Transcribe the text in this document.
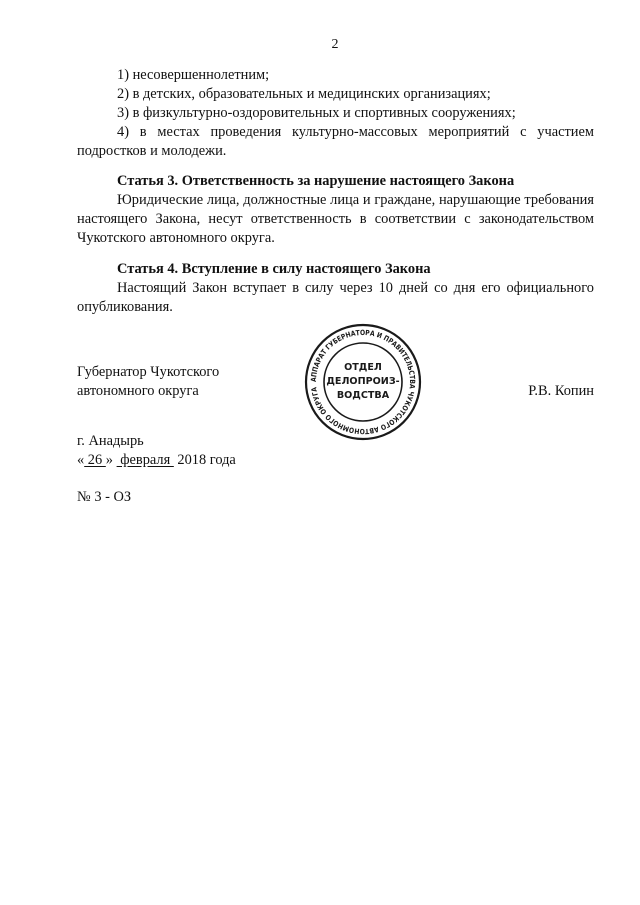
2
1) несовершеннолетним;
2) в детских, образовательных и медицинских организациях;
3) в физкультурно-оздоровительных и спортивных сооружениях;
4) в местах проведения культурно-массовых мероприятий с участием подростков и молодежи.
Статья 3. Ответственность за нарушение настоящего Закона
Юридические лица, должностные лица и граждане, нарушающие требования настоящего Закона, несут ответственность в соответствии с законодательством Чукотского автономного округа.
Статья 4. Вступление в силу настоящего Закона
Настоящий Закон вступает в силу через 10 дней со дня его официального опубликования.
Губернатор Чукотского
автономного округа	Р.В. Копин
АППАРАТ ГУБЕРНАТОРА И ПРАВИТЕЛЬСТВА ЧУКОТСКОГО АВТОНОМНОГО ОКРУГА
ОТДЕЛ
ДЕЛОПРОИЗ-
ВОДСТВА
г. Анадырь
« 26 »  февраля  2018 года
№ 3 - ОЗ
